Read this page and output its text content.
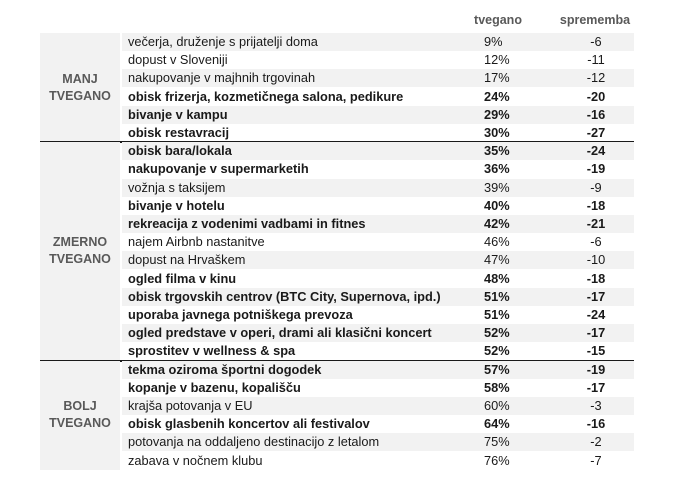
tvegano	sprememba
MANJ
TVEGANO
večerja, druženje s prijatelji doma	9%	-6
dopust v Sloveniji	12%	-11
nakupovanje v majhnih trgovinah	17%	-12
obisk frizerja, kozmetičnega salona, pedikure	24%	-20
bivanje v kampu	29%	-16
obisk restavracij	30%	-27
ZMERNO
TVEGANO
obisk bara/lokala	35%	-24
nakupovanje v supermarketih	36%	-19
vožnja s taksijem	39%	-9
bivanje v hotelu	40%	-18
rekreacija z vodenimi vadbami in fitnes	42%	-21
najem Airbnb nastanitve	46%	-6
dopust na Hrvaškem	47%	-10
ogled filma v kinu	48%	-18
obisk trgovskih centrov (BTC City, Supernova, ipd.)	51%	-17
uporaba javnega potniškega prevoza	51%	-24
ogled predstave v operi, drami ali klasični koncert	52%	-17
sprostitev v wellness & spa	52%	-15
BOLJ
TVEGANO
tekma oziroma športni dogodek	57%	-19
kopanje v bazenu, kopališču	58%	-17
krajša potovanja v EU	60%	-3
obisk glasbenih koncertov ali festivalov	64%	-16
potovanja na oddaljeno destinacijo z letalom	75%	-2
zabava v nočnem klubu	76%	-7
